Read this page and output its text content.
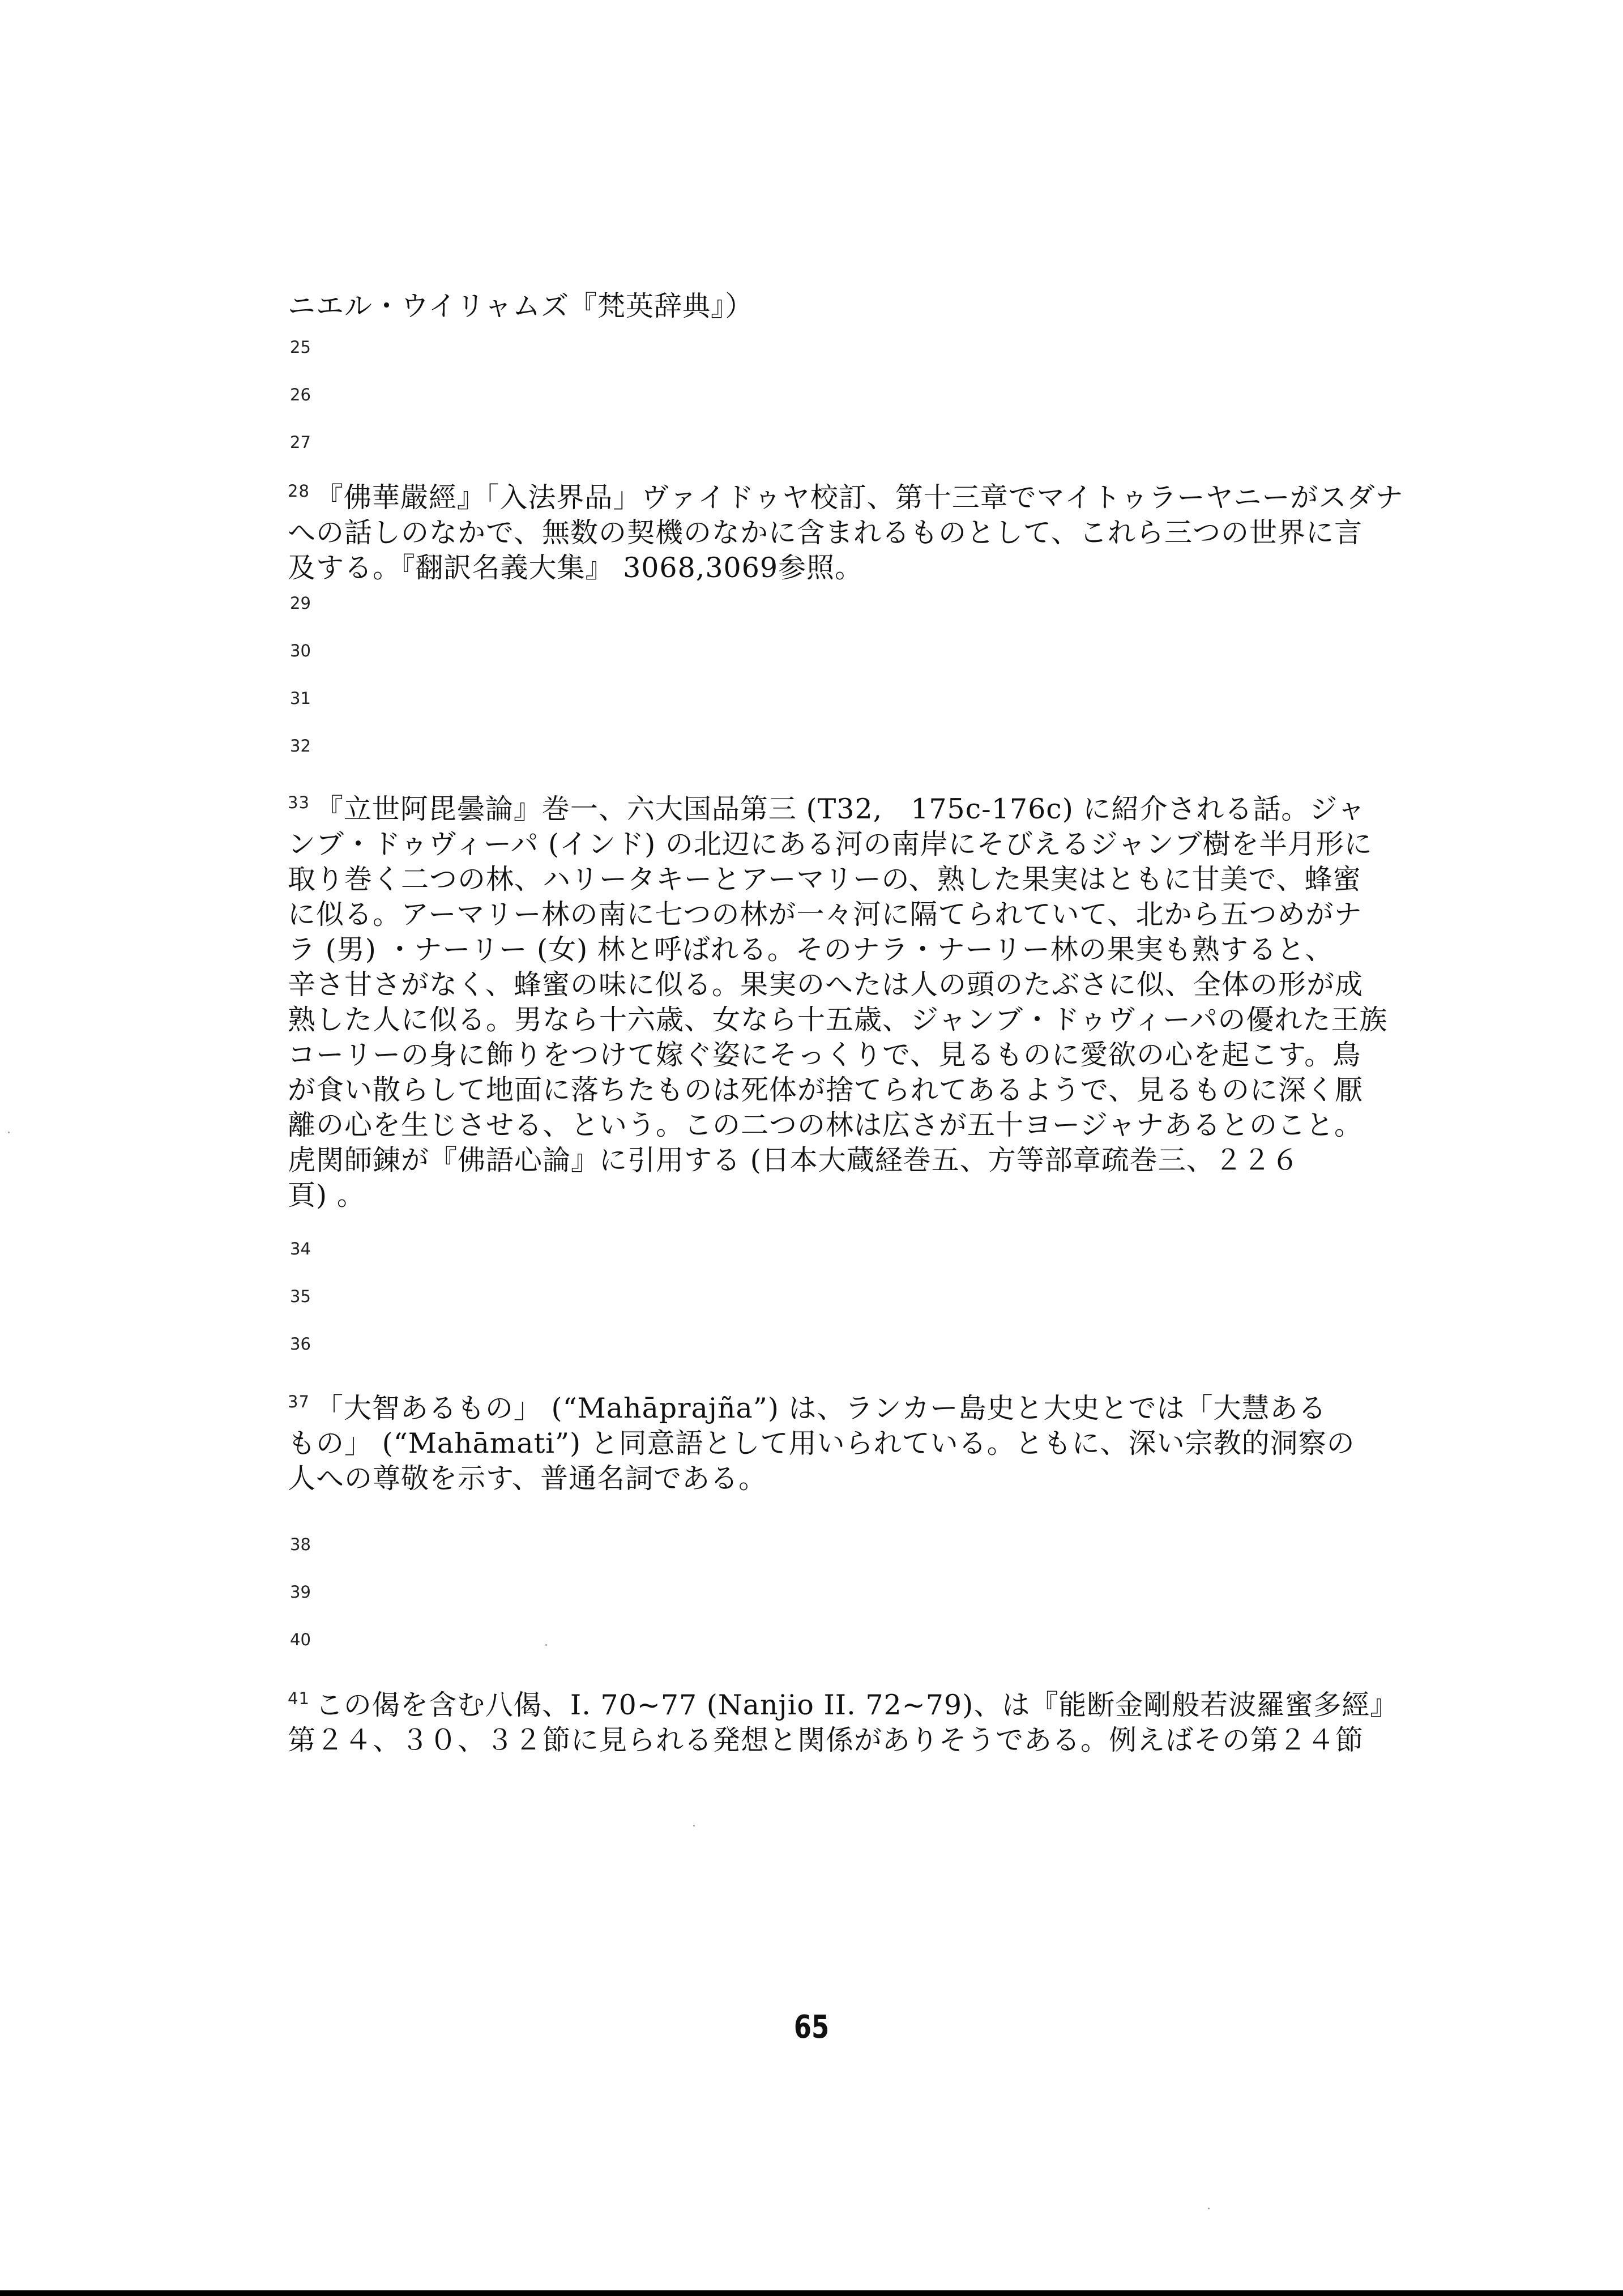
ニエル・ウイリャムズ『梵英辞典』）
25
26
27
$^{28}$ 『佛華嚴經』「入法界品」ヴァイドゥヤ校訂、第十三章でマイトゥラーヤニーがスダナ
への話しのなかで、無数の契機のなかに含まれるものとして、これら三つの世界に言
及する。『翻訳名義大集』 3068,3069参照。
29
30
31
32
$^{33}$ 『立世阿毘曇論』巻一、六大国品第三 (T32,　175c-176c) に紹介される話。ジャ
ンブ・ドゥヴィーパ (インド) の北辺にある河の南岸にそびえるジャンブ樹を半月形に
取り巻く二つの林、ハリータキーとアーマリーの、熟した果実はともに甘美で、蜂蜜
に似る。アーマリー林の南に七つの林が一々河に隔てられていて、北から五つめがナ
ラ (男) ・ナーリー (女) 林と呼ばれる。そのナラ・ナーリー林の果実も熟すると、
辛さ甘さがなく、蜂蜜の味に似る。果実のへたは人の頭のたぶさに似、全体の形が成
熟した人に似る。男なら十六歳、女なら十五歳、ジャンブ・ドゥヴィーパの優れた王族
コーリーの身に飾りをつけて嫁ぐ姿にそっくりで、見るものに愛欲の心を起こす。鳥
が食い散らして地面に落ちたものは死体が捨てられてあるようで、見るものに深く厭
離の心を生じさせる、という。この二つの林は広さが五十ヨージャナあるとのこと。
虎関師錬が『佛語心論』に引用する (日本大蔵経巻五、方等部章疏巻三、２２６
頁) 。
34
35
36
$^{37}$ 「大智あるもの」 (“Mahāprajña”) は、ランカー島史と大史とでは「大慧ある
もの」 (“Mahāmati”) と同意語として用いられている。ともに、深い宗教的洞察の
人への尊敬を示す、普通名詞である。
38
39
40
$^{41}$ この偈を含む八偈、I. 70~77 (Nanjio II. 72~79)、は『能断金剛般若波羅蜜多經』
第２４、３０、３２節に見られる発想と関係がありそうである。例えばその第２４節
65
